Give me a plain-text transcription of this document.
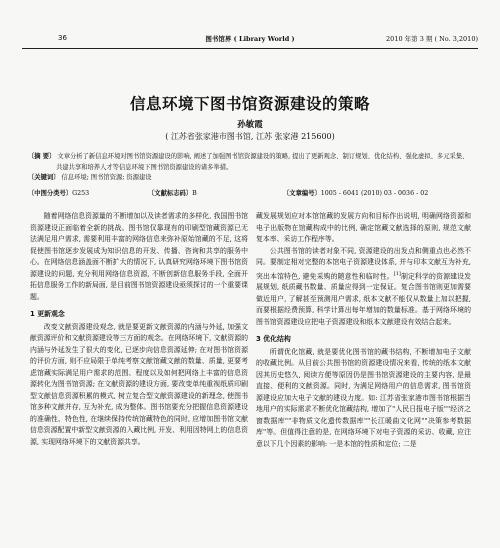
36	图书馆界 ( Library World )	2010 年第 3 期 ( No. 3,2010)
信息环境下图书馆资源建设的策略
孙敏霞
( 江苏省张家港市图书馆, 江苏 张家港 215600)
〔摘 要〕 文章分析了新信息环境对图书馆资源建设的影响, 阐述了加强图书馆资源建设的策略, 提出了更新观念、制订规划、优化结构、强化虚拟、多元采集、共建共享和培养人才等信息环境下图书馆资源建设的诸多举措。
〔关键词〕 信息环境; 图书馆资源; 资源建设
〔中图分类号〕G253	〔文献标志码〕B	〔文章编号〕1005 - 6041 (2010) 03 - 0036 - 02

随着网络信息资源量的不断增加以及读者需求的多样化, 我国图书馆资源建设正面临着全新的挑战。图书馆仅靠现有的印刷型馆藏资源已无法满足用户需求, 需要利用丰富的网络信息来弥补原始馆藏的不足, 这将促使图书馆逐步发展成为知识信息的开发、传播、咨询和共享的服务中心。在网络信息涵盖面不断扩大的情况下, 认真研究网络环境下图书馆资源建设的问题, 充分利用网络信息资源, 不断创新信息服务手段, 全面开拓信息服务工作的新局面, 是目前图书馆资源建设亟须探讨的一个重要课题。

1 更新观念

改变文献资源建设观念, 就是要更新文献资源的内涵与外延, 加强文献资源评价和文献资源建设等三方面的观念。在网络环境下, 文献资源的内涵与外延发生了很大的变化, 已逐步向信息资源延伸; 在对图书馆资源的评价方面, 则不应局限于单纯考察文献馆藏文献的数量、质量, 更要考虑馆藏实际满足用户需求的范围、程度以及如何把网络上丰富的信息资源转化为图书馆资源; 在文献资源的建设方面, 要改变单纯重视纸质印刷型文献信息资源积累的模式, 树立复合型文献资源建设的新理念, 使图书馆多种文献并存, 互为补充, 成为整体。图书馆要充分把握信息资源建设的准确性、特色性, 在继续保持传统馆藏特色的同时, 应增加图书馆文献信息资源配置中新型文献资源的入藏比例, 开发、利用因特网上的信息资源, 实现网络环境下的文献资源共享。

藏发展规划应对本馆馆藏的发展方向和目标作出说明, 明确网络资源和电子出版物在馆藏构成中的比例, 确定馆藏文献选择的原则, 规范文献复本率、采访工作程序等。

公共图书馆的读者对象不同, 资源建设的出发点和侧重点也必然不同。要制定相对完整的本馆电子资源建设体系, 并与印本文献互为补充, 突出本馆特色, 避免采购的随意性和临时性。[1]制定科学的资源建设发展规划, 纸质藏书数量、质量应得到一定保证。复合图书馆则更加需要做近用户, 了解甚至预测用户需求, 纸本文献不能仅从数量上加以把握, 而要根据经费预算, 科学计算出每年增加的数量标准。基于网络环境的图书馆资源建设应把电子资源建设和纸本文献建设有效结合起来。

3 优化结构

所谓优化馆藏, 就是要优化图书馆的藏书结构, 不断增加电子文献的收藏比例。从目前公共图书馆的资源建设情况来看, 传统的纸本文献因其历史悠久, 阅读方便等原因仍是图书馆资源建设的主要内容, 是最直接、便利的文献资源。同时, 为满足网络用户的信息需求, 图书馆资源建设应加大电子文献的建设力度。如: 江苏省张家港市图书馆根据当地用户的实际需求不断优化馆藏结构, 增加了"人民日报电子版""经济之窗数据库""非物质文化遗传数据库""长江暖曲文化网""决策参考数据库"等。但值得注意的是, 在网络环境下对电子资源的采访、收藏, 应注意以下几个因素的影响: 一是本馆的性质和定位; 二是
